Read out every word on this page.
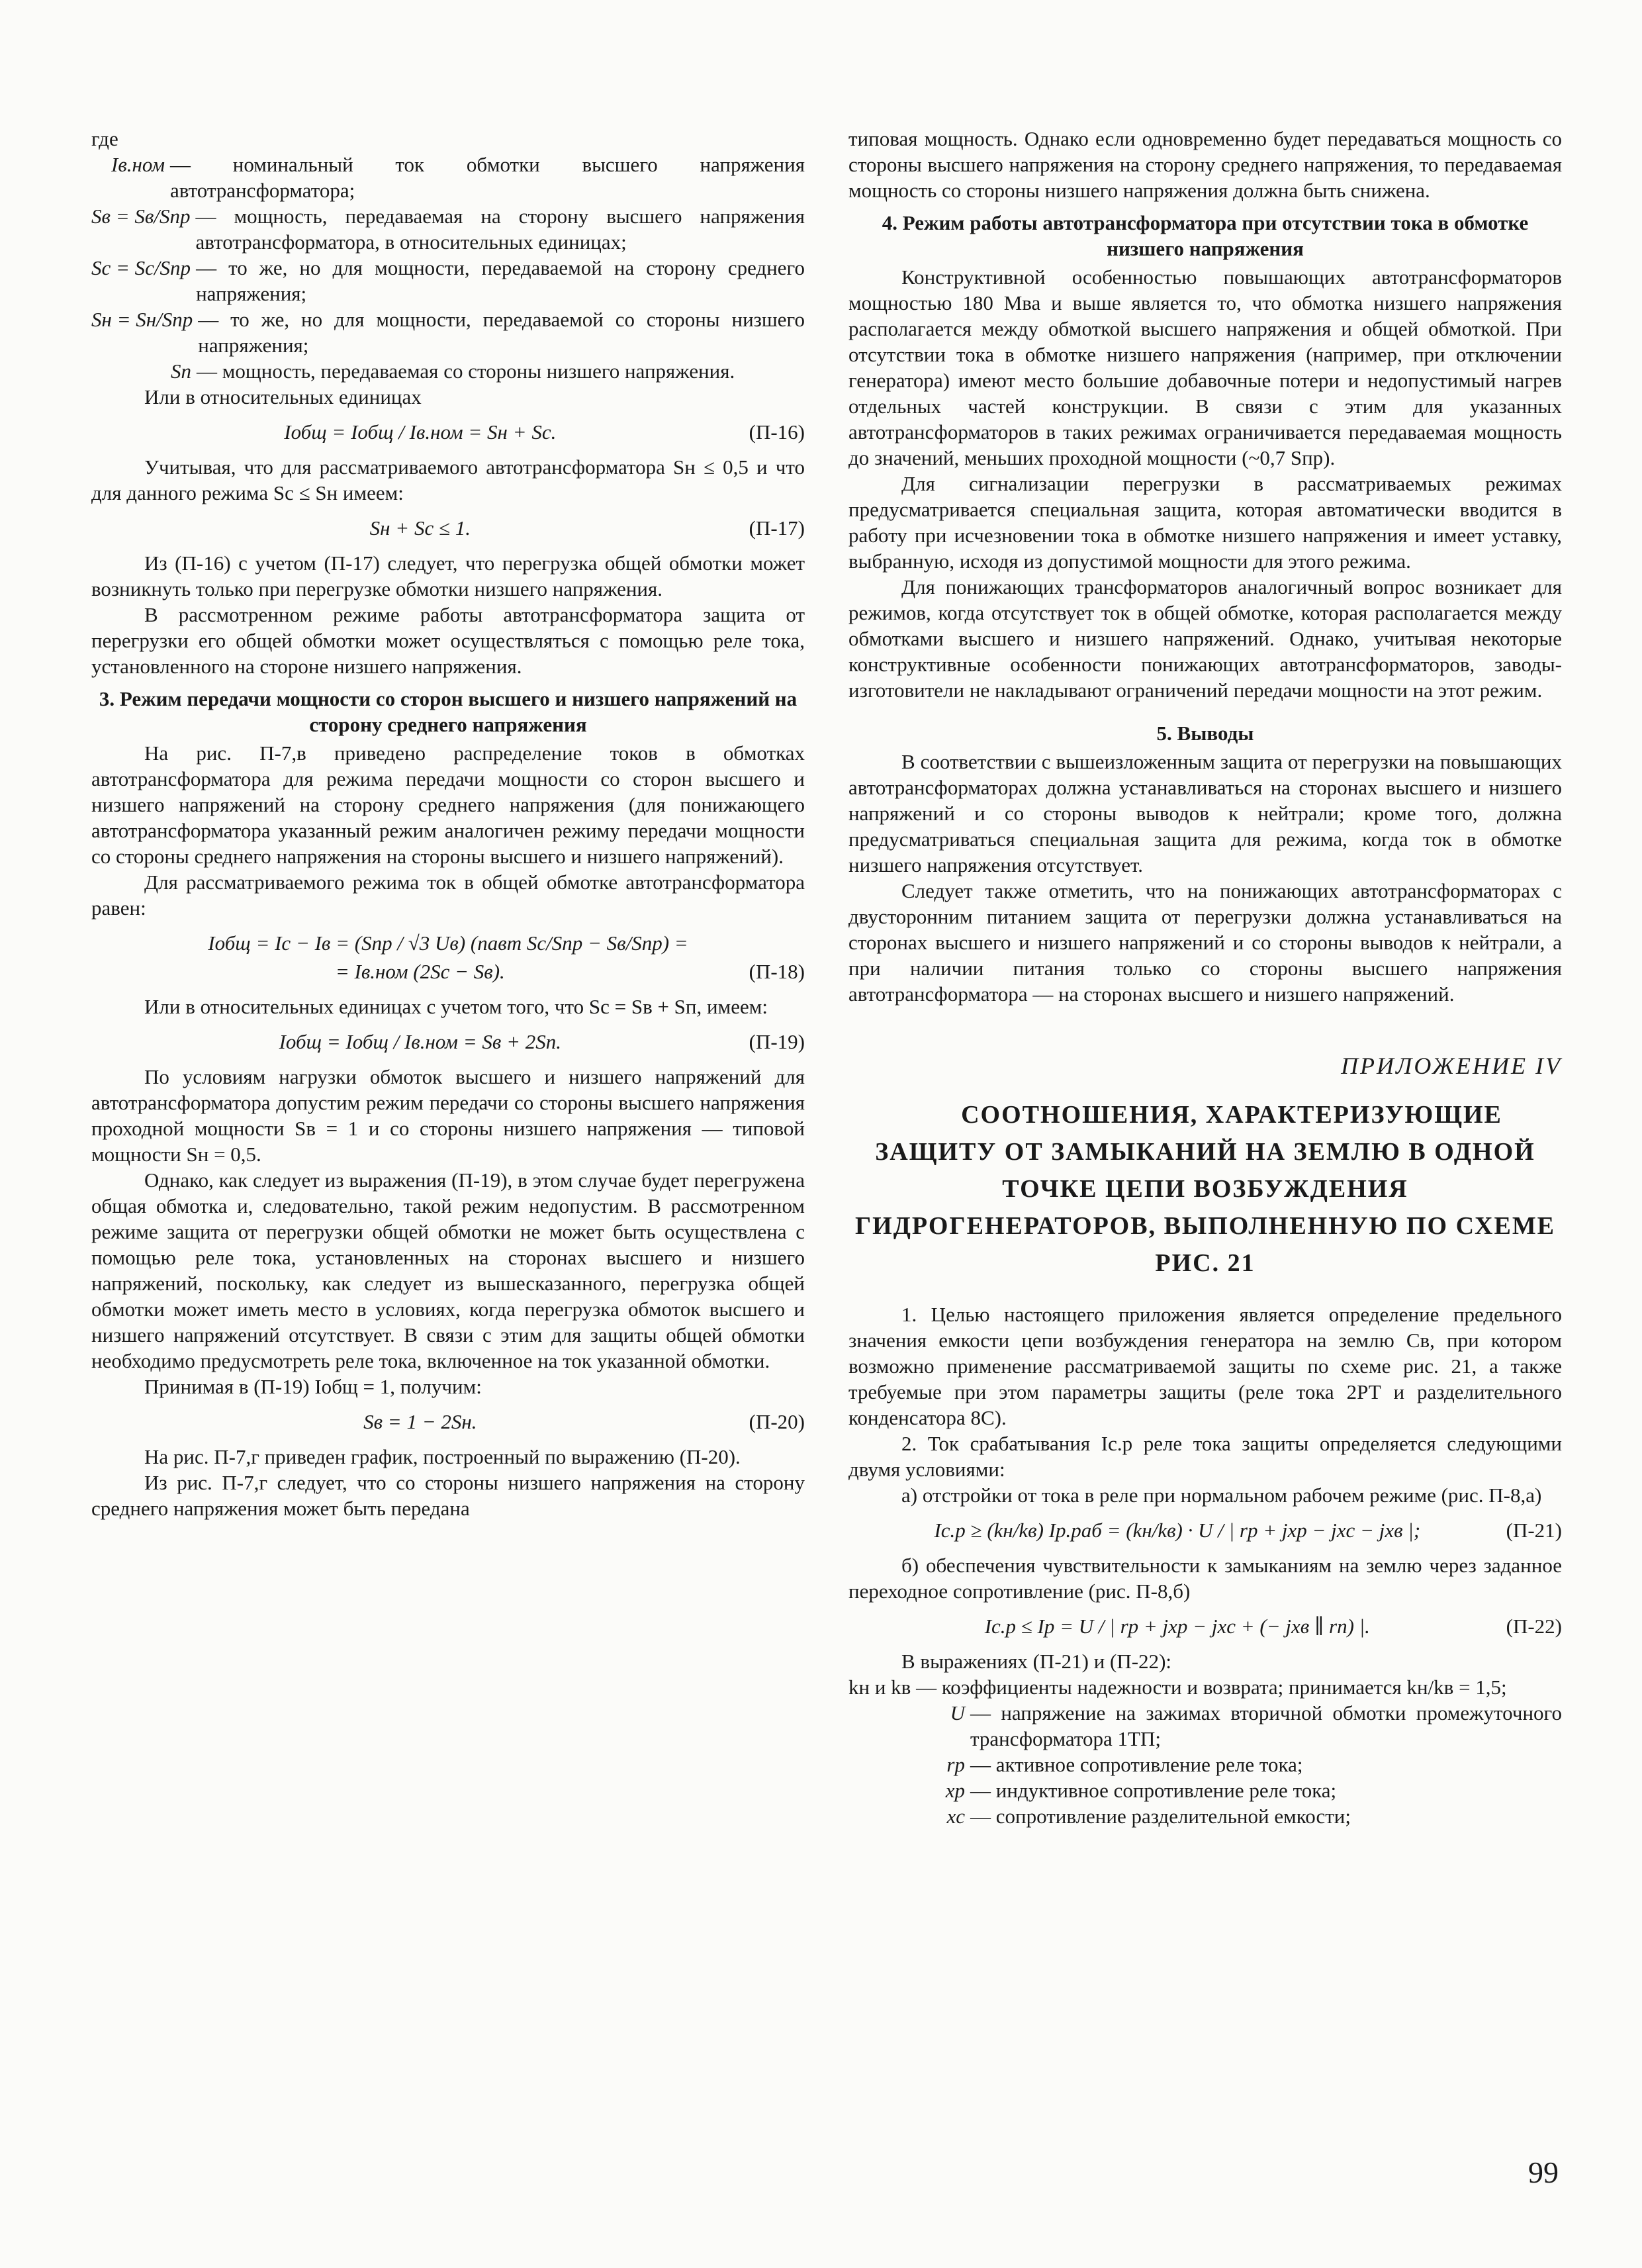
где

Iв.ном — номинальный ток обмотки высшего напряжения автотрансформатора;
Sв = Sв/Sпр — мощность, передаваемая на сторону высшего напряжения автотрансформатора, в относительных единицах;
Sс = Sс/Sпр — то же, но для мощности, передаваемой на сторону среднего напряжения;
Sн = Sн/Sпр — то же, но для мощности, передаваемой со стороны низшего напряжения;
Sп — мощность, передаваемая со стороны низшего напряжения.

Или в относительных единицах

Iобщ = Iобщ / Iв.ном = Sн + Sс.	(П-16)

Учитывая, что для рассматриваемого автотрансформатора Sн ≤ 0,5 и что для данного режима Sс ≤ Sн имеем:

Sн + Sс ≤ 1.	(П-17)

Из (П-16) с учетом (П-17) следует, что перегрузка общей обмотки может возникнуть только при перегрузке обмотки низшего напряжения.

В рассмотренном режиме работы автотрансформатора защита от перегрузки его общей обмотки может осуществляться с помощью реле тока, установленного на стороне низшего напряжения.

3. Режим передачи мощности со сторон высшего и низшего напряжений на сторону среднего напряжения

На рис. П-7,в приведено распределение токов в обмотках автотрансформатора для режима передачи мощности со сторон высшего и низшего напряжений на сторону среднего напряжения (для понижающего автотрансформатора указанный режим аналогичен режиму передачи мощности со стороны среднего напряжения на стороны высшего и низшего напряжений).

Для рассматриваемого режима ток в общей обмотке автотрансформатора равен:

Iобщ = Iс − Iв = (Sпр / √3 Uв) (nавт Sс/Sпр − Sв/Sпр) =
= Iв.ном (2Sс − Sв).	(П-18)

Или в относительных единицах с учетом того, что Sс = Sв + Sп, имеем:

Iобщ = Iобщ / Iв.ном = Sв + 2Sп.	(П-19)

По условиям нагрузки обмоток высшего и низшего напряжений для автотрансформатора допустим режим передачи со стороны высшего напряжения проходной мощности Sв = 1 и со стороны низшего напряжения — типовой мощности Sн = 0,5.

Однако, как следует из выражения (П-19), в этом случае будет перегружена общая обмотка и, следовательно, такой режим недопустим. В рассмотренном режиме защита от перегрузки общей обмотки не может быть осуществлена с помощью реле тока, установленных на сторонах высшего и низшего напряжений, поскольку, как следует из вышесказанного, перегрузка общей обмотки может иметь место в условиях, когда перегрузка обмоток высшего и низшего напряжений отсутствует. В связи с этим для защиты общей обмотки необходимо предусмотреть реле тока, включенное на ток указанной обмотки.

Принимая в (П-19) Iобщ = 1, получим:

Sв = 1 − 2Sн.	(П-20)

На рис. П-7,г приведен график, построенный по выражению (П-20).

Из рис. П-7,г следует, что со стороны низшего напряжения на сторону среднего напряжения может быть передана

типовая мощность. Однако если одновременно будет передаваться мощность со стороны высшего напряжения на сторону среднего напряжения, то передаваемая мощность со стороны низшего напряжения должна быть снижена.

4. Режим работы автотрансформатора при отсутствии тока в обмотке низшего напряжения

Конструктивной особенностью повышающих автотрансформаторов мощностью 180 Мва и выше является то, что обмотка низшего напряжения располагается между обмоткой высшего напряжения и общей обмоткой. При отсутствии тока в обмотке низшего напряжения (например, при отключении генератора) имеют место большие добавочные потери и недопустимый нагрев отдельных частей конструкции. В связи с этим для указанных автотрансформаторов в таких режимах ограничивается передаваемая мощность до значений, меньших проходной мощности (~0,7 Sпр).

Для сигнализации перегрузки в рассматриваемых режимах предусматривается специальная защита, которая автоматически вводится в работу при исчезновении тока в обмотке низшего напряжения и имеет уставку, выбранную, исходя из допустимой мощности для этого режима.

Для понижающих трансформаторов аналогичный вопрос возникает для режимов, когда отсутствует ток в общей обмотке, которая располагается между обмотками высшего и низшего напряжений. Однако, учитывая некоторые конструктивные особенности понижающих автотрансформаторов, заводы-изготовители не накладывают ограничений передачи мощности на этот режим.

5. Выводы

В соответствии с вышеизложенным защита от перегрузки на повышающих автотрансформаторах должна устанавливаться на сторонах высшего и низшего напряжений и со стороны выводов к нейтрали; кроме того, должна предусматриваться специальная защита для режима, когда ток в обмотке низшего напряжения отсутствует.

Следует также отметить, что на понижающих автотрансформаторах с двусторонним питанием защита от перегрузки должна устанавливаться на сторонах высшего и низшего напряжений и со стороны выводов к нейтрали, а при наличии питания только со стороны высшего напряжения автотрансформатора — на сторонах высшего и низшего напряжений.

ПРИЛОЖЕНИЕ IV

СООТНОШЕНИЯ, ХАРАКТЕРИЗУЮЩИЕ ЗАЩИТУ ОТ ЗАМЫКАНИЙ НА ЗЕМЛЮ В ОДНОЙ ТОЧКЕ ЦЕПИ ВОЗБУЖДЕНИЯ ГИДРОГЕНЕРАТОРОВ, ВЫПОЛНЕННУЮ ПО СХЕМЕ РИС. 21

1. Целью настоящего приложения является определение предельного значения емкости цепи возбуждения генератора на землю Cв, при котором возможно применение рассматриваемой защиты по схеме рис. 21, а также требуемые при этом параметры защиты (реле тока 2РТ и разделительного конденсатора 8С).

2. Ток срабатывания Iс.р реле тока защиты определяется следующими двумя условиями:

а) отстройки от тока в реле при нормальном рабочем режиме (рис. П-8,а)

Iс.р ≥ (kн/kв) Iр.раб = (kн/kв) · U / | rр + jxр − jxс − jxв |;	(П-21)

б) обеспечения чувствительности к замыканиям на землю через заданное переходное сопротивление (рис. П-8,б)

Iс.р ≤ Iр = U / | rр + jxр − jxс + (− jxв ∥ rп) |.	(П-22)

В выражениях (П-21) и (П-22):

kн и kв — коэффициенты надежности и возврата; принимается kн/kв = 1,5;

U — напряжение на зажимах вторичной обмотки промежуточного трансформатора 1ТП;
rр — активное сопротивление реле тока;
xр — индуктивное сопротивление реле тока;
xс — сопротивление разделительной емкости;
99
